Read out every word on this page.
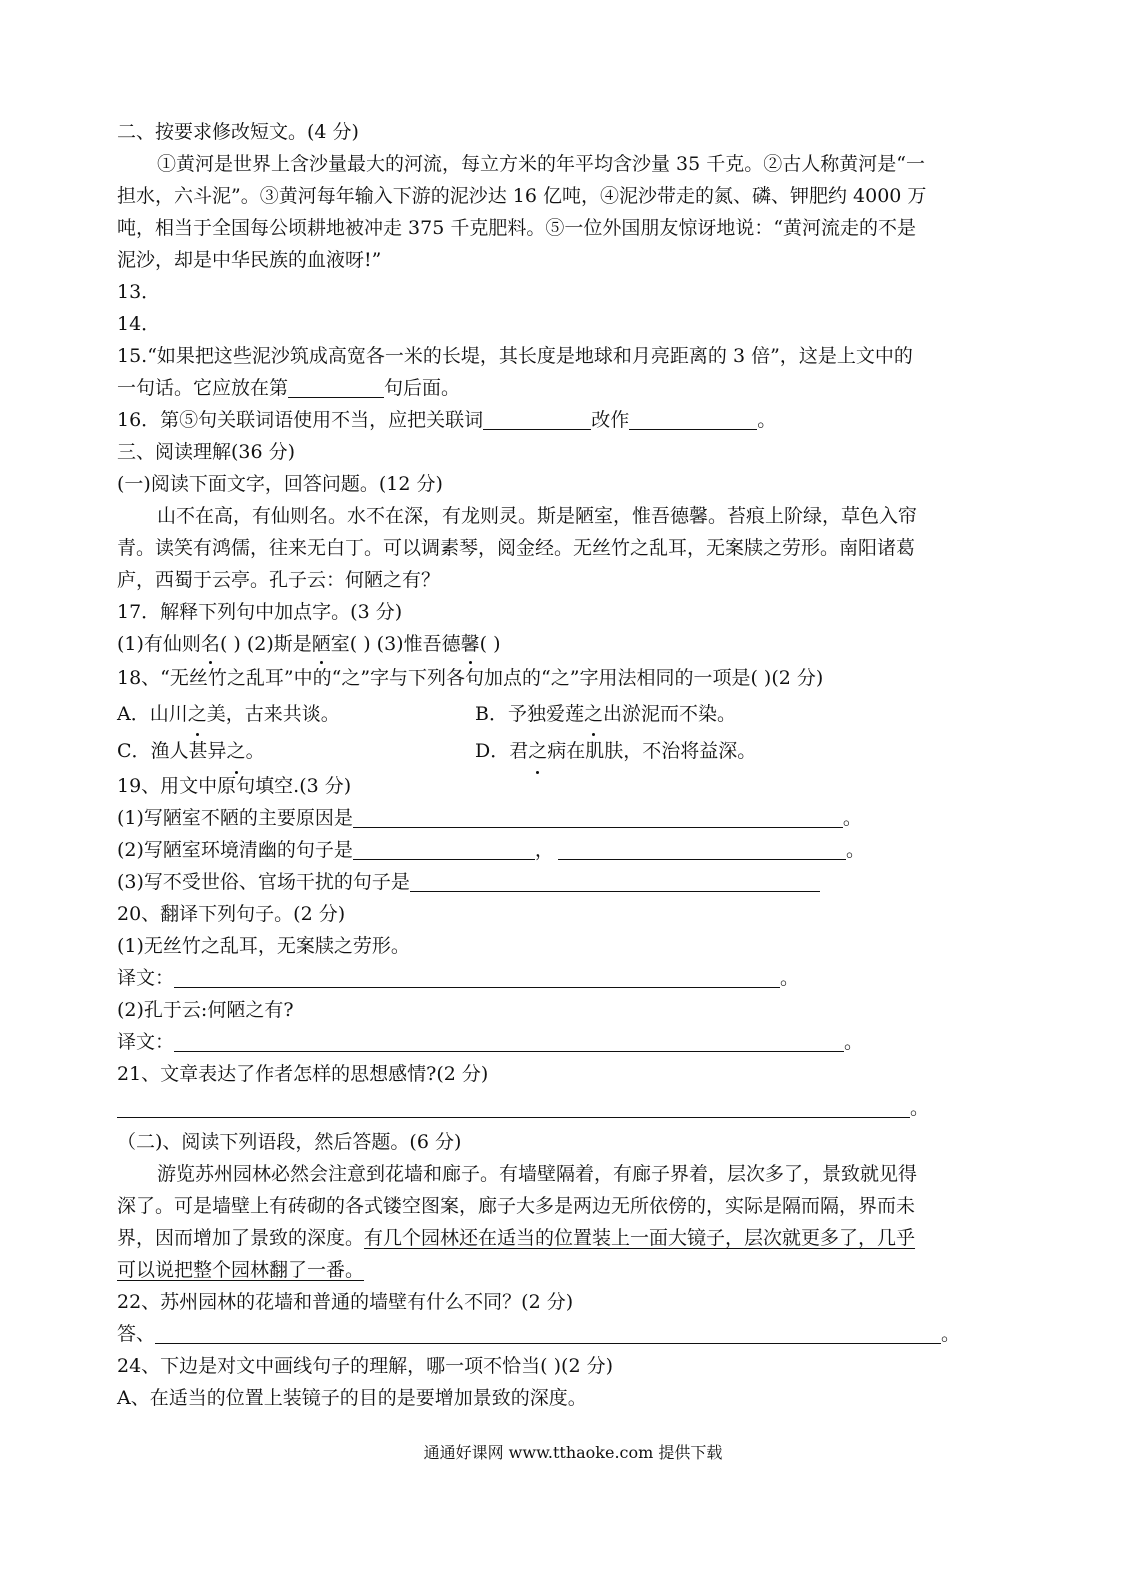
二、按要求修改短文。(4 分)
①黄河是世界上含沙量最大的河流，每立方米的年平均含沙量 35 千克。②古人称黄河是“一
担水，六斗泥”。③黄河每年输入下游的泥沙达 16 亿吨，④泥沙带走的氮、磷、钾肥约 4000 万
吨，相当于全国每公顷耕地被冲走 375 千克肥料。⑤一位外国朋友惊讶地说：“黄河流走的不是
泥沙，却是中华民族的血液呀!”
13．
14．
15.“如果把这些泥沙筑成高宽各一米的长堤，其长度是地球和月亮距离的 3 倍”，这是上文中的
一句话。它应放在第	句后面。
16．第⑤句关联词语使用不当，应把关联词	改作	。
三、阅读理解(36 分)
(一)阅读下面文字，回答问题。(12 分)
山不在高，有仙则名。水不在深，有龙则灵。斯是陋室，惟吾德馨。苔痕上阶绿，草色入帘
青。读笑有鸿儒，往来无白丁。可以调素琴，阅金经。无丝竹之乱耳，无案牍之劳形。南阳诸葛
庐，西蜀于云亭。孔子云：何陋之有？
17．解释下列句中加点字。(3 分)
(1)有仙则名( ) (2)斯是陋室( ) (3)惟吾德馨( )
18、“无丝竹之乱耳”中的“之”字与下列各句加点的“之”字用法相同的一项是( )(2 分)
A．山川之美，古来共谈。	B．予独爱莲之出淤泥而不染。
C．渔人甚异之。	D．君之病在肌肤，不治将益深。
19、用文中原句填空.(3 分)
(1)写陋室不陋的主要原因是	。
(2)写陋室环境清幽的句子是	，	。
(3)写不受世俗、官场干扰的句子是
20、翻译下列句子。(2 分)
(1)无丝竹之乱耳，无案牍之劳形。
译文：	。
(2)孔于云:何陋之有?
译文：	。
21、文章表达了作者怎样的思想感情?(2 分)
。
（二)、阅读下列语段，然后答题。(6 分)
游览苏州园林必然会注意到花墙和廊子。有墙壁隔着，有廊子界着，层次多了，景致就见得
深了。可是墙壁上有砖砌的各式镂空图案，廊子大多是两边无所依傍的，实际是隔而隔，界而未
界，因而增加了景致的深度。有几个园林还在适当的位置装上一面大镜子，层次就更多了，几乎
可以说把整个园林翻了一番。
22、苏州园林的花墙和普通的墙壁有什么不同？(2 分)
答、	。
24、下边是对文中画线句子的理解，哪一项不恰当( )(2 分)
A、在适当的位置上装镜子的目的是要增加景致的深度。
通通好课网 www.tthaoke.com 提供下载
